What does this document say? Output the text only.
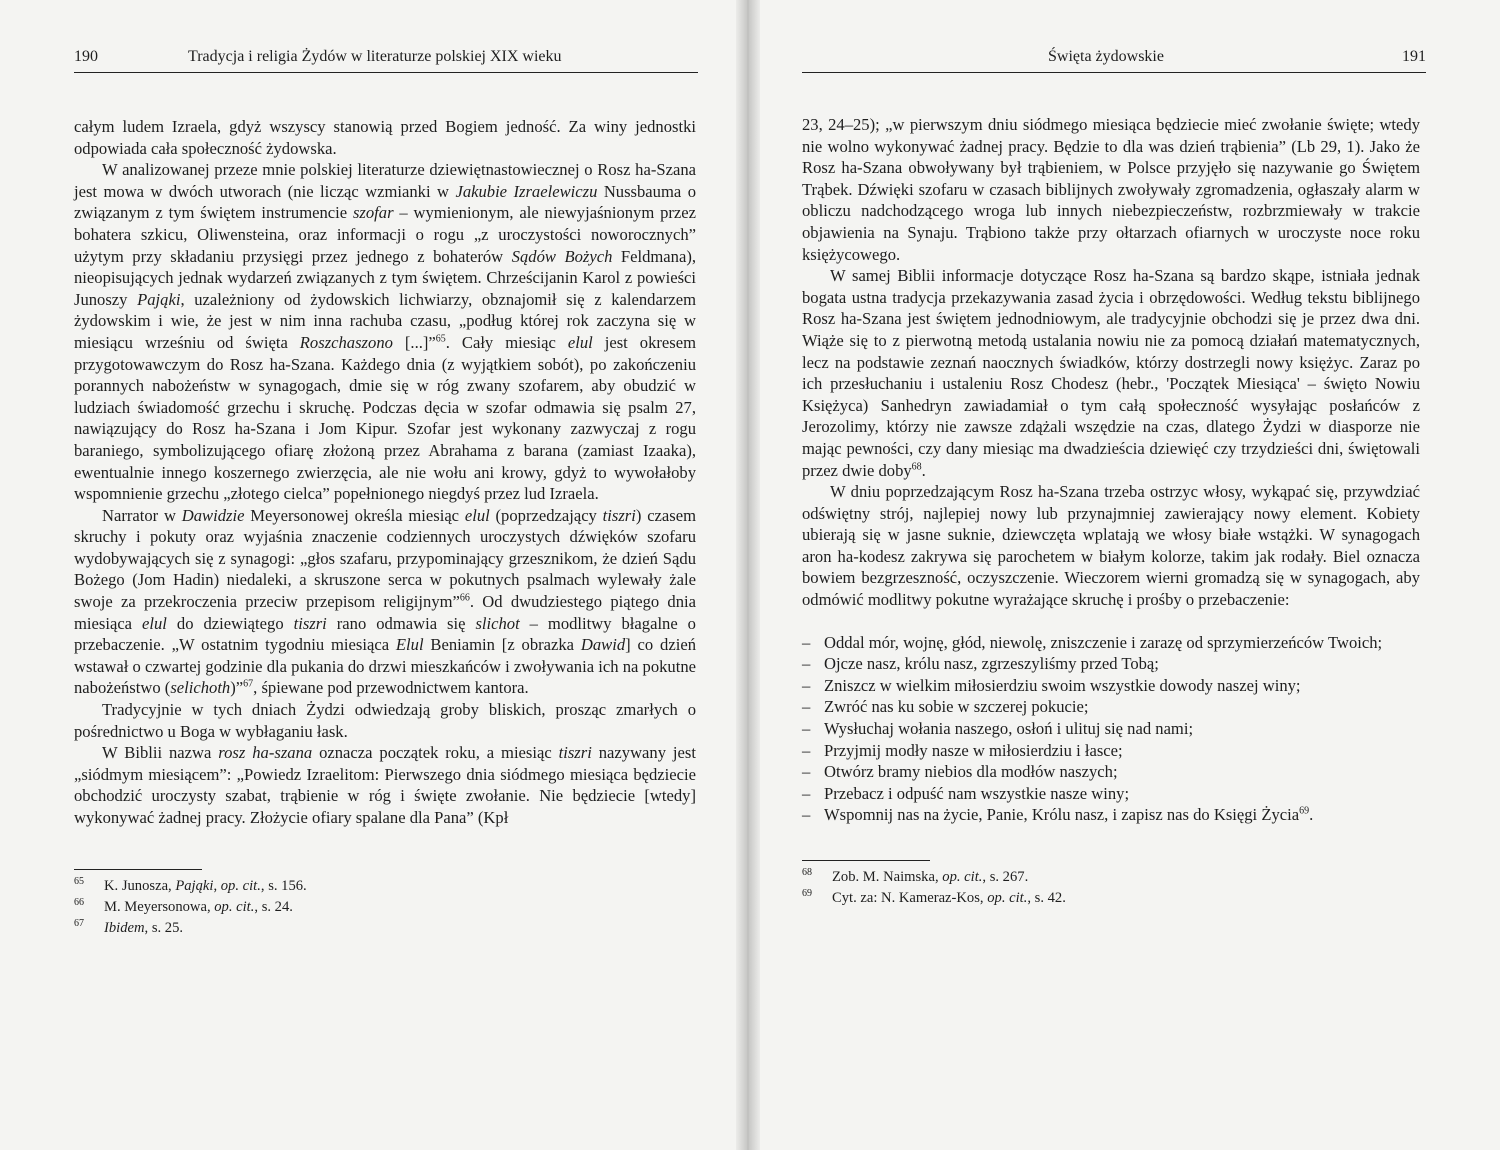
190	Tradycja i religia Żydów w literaturze polskiej XIX wieku

całym ludem Izraela, gdyż wszyscy stanowią przed Bogiem jedność. Za winy jednostki odpowiada cała społeczność żydowska.

W analizowanej przeze mnie polskiej literaturze dziewiętnastowiecznej o Rosz ha-Szana jest mowa w dwóch utworach (nie licząc wzmianki w Jakubie Izraelewiczu Nussbauma o związanym z tym świętem instrumencie szofar – wymienionym, ale niewyjaśnionym przez bohatera szkicu, Oliwensteina, oraz informacji o rogu „z uroczystości noworocznych” użytym przy składaniu przysięgi przez jednego z bohaterów Sądów Bożych Feldmana), nieopisujących jednak wydarzeń związanych z tym świętem. Chrześcijanin Karol z powieści Junoszy Pająki, uzależniony od żydowskich lichwiarzy, obznajomił się z kalendarzem żydowskim i wie, że jest w nim inna rachuba czasu, „podług której rok zaczyna się w miesiącu wrześniu od święta Roszchaszono [...]”$^{65}$. Cały miesiąc elul jest okresem przygotowawczym do Rosz ha-Szana. Każdego dnia (z wyjątkiem sobót), po zakończeniu porannych nabożeństw w synagogach, dmie się w róg zwany szofarem, aby obudzić w ludziach świadomość grzechu i skruchę. Podczas dęcia w szofar odmawia się psalm 27, nawiązujący do Rosz ha-Szana i Jom Kipur. Szofar jest wykonany zazwyczaj z rogu baraniego, symbolizującego ofiarę złożoną przez Abrahama z barana (zamiast Izaaka), ewentualnie innego koszernego zwierzęcia, ale nie wołu ani krowy, gdyż to wywołałoby wspomnienie grzechu „złotego cielca” popełnionego niegdyś przez lud Izraela.

Narrator w Dawidzie Meyersonowej określa miesiąc elul (poprzedzający tiszri) czasem skruchy i pokuty oraz wyjaśnia znaczenie codziennych uroczystych dźwięków szofaru wydobywających się z synagogi: „głos szafaru, przypominający grzesznikom, że dzień Sądu Bożego (Jom Hadin) niedaleki, a skruszone serca w pokutnych psalmach wylewały żale swoje za przekroczenia przeciw przepisom religijnym”$^{66}$. Od dwudziestego piątego dnia miesiąca elul do dziewiątego tiszri rano odmawia się slichot – modlitwy błagalne o przebaczenie. „W ostatnim tygodniu miesiąca Elul Beniamin [z obrazka Dawid] co dzień wstawał o czwartej godzinie dla pukania do drzwi mieszkańców i zwoływania ich na pokutne nabożeństwo (selichoth)”$^{67}$, śpiewane pod przewodnictwem kantora.

Tradycyjnie w tych dniach Żydzi odwiedzają groby bliskich, prosząc zmarłych o pośrednictwo u Boga w wybłaganiu łask.

W Biblii nazwa rosz ha-szana oznacza początek roku, a miesiąc tiszri nazywany jest „siódmym miesiącem”: „Powiedz Izraelitom: Pierwszego dnia siódmego miesiąca będziecie obchodzić uroczysty szabat, trąbienie w róg i święte zwołanie. Nie będziecie [wtedy] wykonywać żadnej pracy. Złożycie ofiary spalane dla Pana” (Kpł

$^{65}$ K. Junosza, Pająki, op. cit., s. 156.
$^{66}$ M. Meyersonowa, op. cit., s. 24.
$^{67}$ Ibidem, s. 25.
Święta żydowskie	191

23, 24–25); „w pierwszym dniu siódmego miesiąca będziecie mieć zwołanie święte; wtedy nie wolno wykonywać żadnej pracy. Będzie to dla was dzień trąbienia” (Lb 29, 1). Jako że Rosz ha-Szana obwoływany był trąbieniem, w Polsce przyjęło się nazywanie go Świętem Trąbek. Dźwięki szofaru w czasach biblijnych zwoływały zgromadzenia, ogłaszały alarm w obliczu nadchodzącego wroga lub innych niebezpieczeństw, rozbrzmiewały w trakcie objawienia na Synaju. Trąbiono także przy ołtarzach ofiarnych w uroczyste noce roku księżycowego.

W samej Biblii informacje dotyczące Rosz ha-Szana są bardzo skąpe, istniała jednak bogata ustna tradycja przekazywania zasad życia i obrzędowości. Według tekstu biblijnego Rosz ha-Szana jest świętem jednodniowym, ale tradycyjnie obchodzi się je przez dwa dni. Wiąże się to z pierwotną metodą ustalania nowiu nie za pomocą działań matematycznych, lecz na podstawie zeznań naocznych świadków, którzy dostrzegli nowy księżyc. Zaraz po ich przesłuchaniu i ustaleniu Rosz Chodesz (hebr., 'Początek Miesiąca' – święto Nowiu Księżyca) Sanhedryn zawiadamiał o tym całą społeczność wysyłając posłańców z Jerozolimy, którzy nie zawsze zdążali wszędzie na czas, dlatego Żydzi w diasporze nie mając pewności, czy dany miesiąc ma dwadzieścia dziewięć czy trzydzieści dni, świętowali przez dwie doby$^{68}$.

W dniu poprzedzającym Rosz ha-Szana trzeba ostrzyc włosy, wykąpać się, przywdziać odświętny strój, najlepiej nowy lub przynajmniej zawierający nowy element. Kobiety ubierają się w jasne suknie, dziewczęta wplatają we włosy białe wstążki. W synagogach aron ha-kodesz zakrywa się parochetem w białym kolorze, takim jak rodały. Biel oznacza bowiem bezgrzeszność, oczyszczenie. Wieczorem wierni gromadzą się w synagogach, aby odmówić modlitwy pokutne wyrażające skruchę i prośby o przebaczenie:

– Oddal mór, wojnę, głód, niewolę, zniszczenie i zarazę od sprzymierzeńców Twoich;

– Ojcze nasz, królu nasz, zgrzeszyliśmy przed Tobą;

– Zniszcz w wielkim miłosierdziu swoim wszystkie dowody naszej winy;

– Zwróć nas ku sobie w szczerej pokucie;

– Wysłuchaj wołania naszego, osłoń i ulituj się nad nami;

– Przyjmij modły nasze w miłosierdziu i łasce;

– Otwórz bramy niebios dla modłów naszych;

– Przebacz i odpuść nam wszystkie nasze winy;

– Wspomnij nas na życie, Panie, Królu nasz, i zapisz nas do Księgi Życia$^{69}$.

$^{68}$ Zob. M. Naimska, op. cit., s. 267.
$^{69}$ Cyt. za: N. Kameraz-Kos, op. cit., s. 42.
